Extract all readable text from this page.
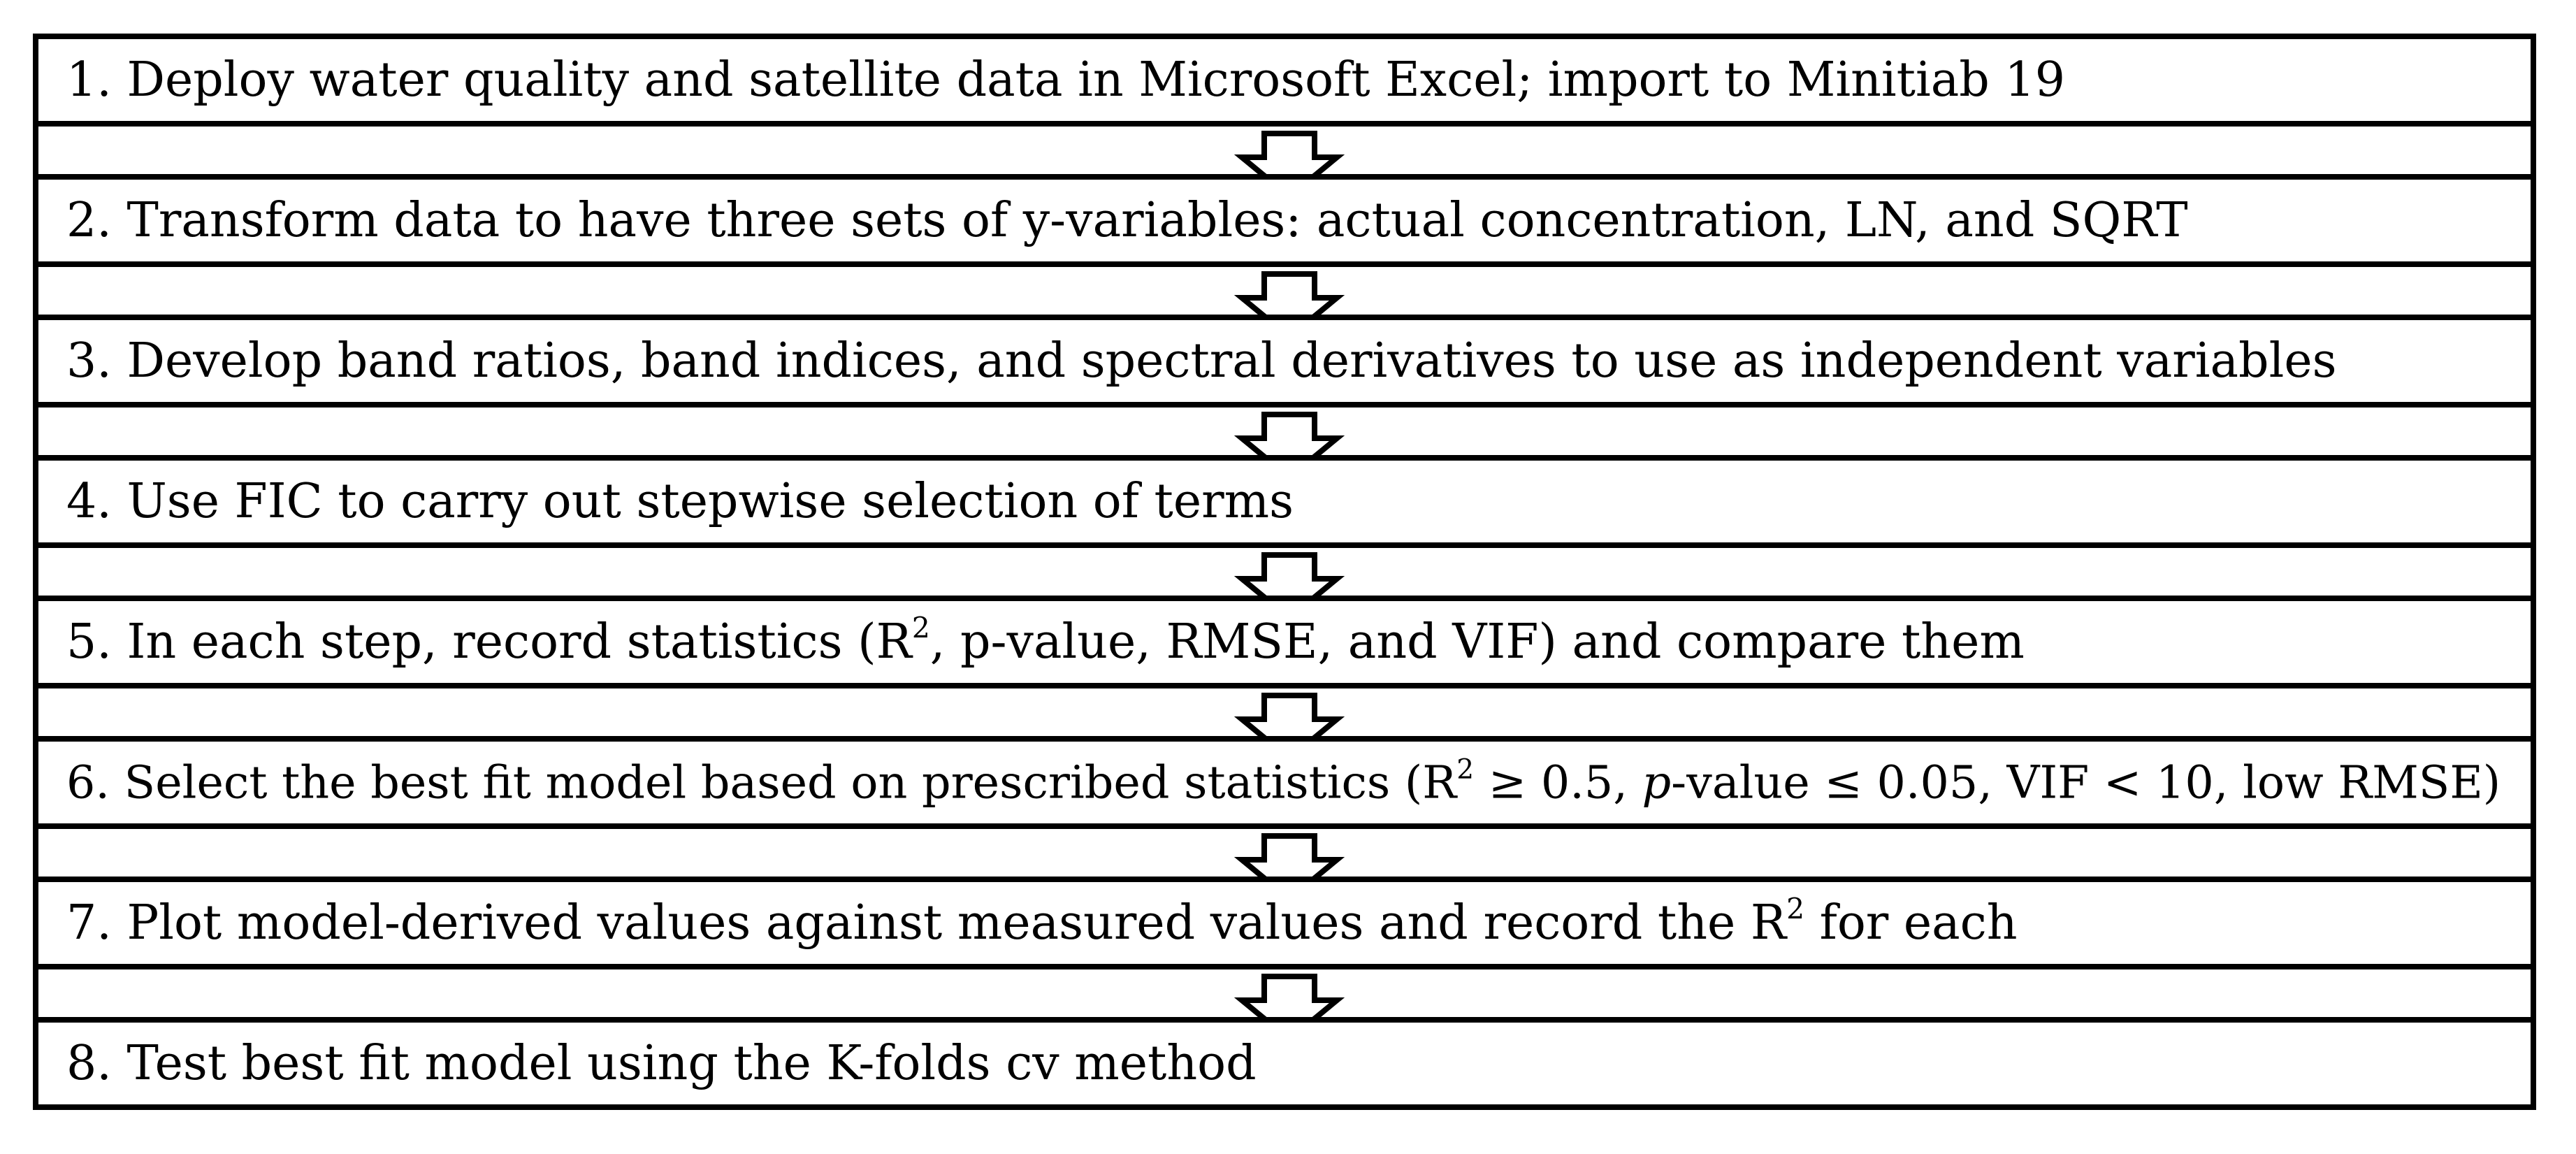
1. Deploy water quality and satellite data in Microsoft Excel; import to Minitiab 19
2. Transform data to have three sets of y-variables: actual concentration, LN, and SQRT
3. Develop band ratios, band indices, and spectral derivatives to use as independent variables
4. Use FIC to carry out stepwise selection of terms
5. In each step, record statistics ($R^2$, p-value, RMSE, and VIF) and compare them
6. Select the best fit model based on prescribed statistics ($R^2 \ge 0.5$, p-value ≤ 0.05, VIF < 10, low RMSE)
7. Plot model-derived values against measured values and record the $R^2$ for each
8. Test best fit model using the K-folds cv method
